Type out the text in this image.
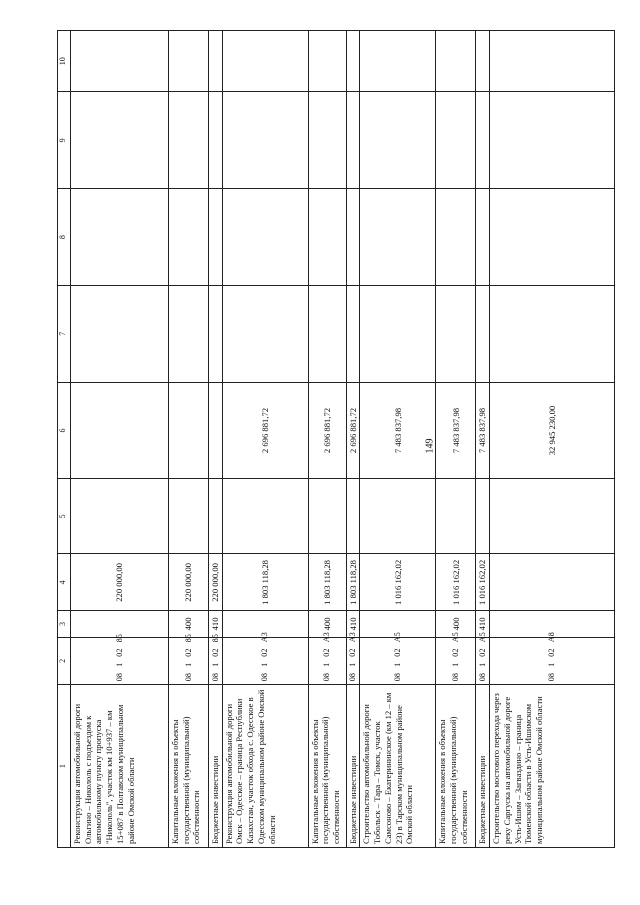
149
1	2	3	4	5	6	7	8	9	10
Реконструкция автомобильной дороги Ольгино – Никололь с подъездом к автомобильному пункту пропуска "Никололь", участок км 10+937 – км 15+087 в Полтавском муниципальном районе Омской области	0810285		220 000,00						
Капитальные вложения в объекты государственной (муниципальной) собственности	0810285	400	220 000,00						
Бюджетные инвестиции	0810285	410	220 000,00						
Реконструкция автомобильной дороги Омск – Одесское – граница Республики Казахстан, участок обхода с. Одесское в Одесском муниципальном районе Омской области	08102А3		1 803 118,28		2 696 881,72				
Капитальные вложения в объекты государственной (муниципальной) собственности	08102А3	400	1 803 118,28		2 696 881,72				
Бюджетные инвестиции	08102А3	410	1 803 118,28		2 696 881,72				
Строительство автомобильной дороги Тобольск – Тара – Томск, участок Самсоново – Екатерининское (км 12 – км 23) в Тарском муниципальном районе Омской области	08102А5		1 016 162,02		7 483 837,98				
Капитальные вложения в объекты государственной (муниципальной) собственности	08102А5	400	1 016 162,02		7 483 837,98				
Бюджетные инвестиции	08102А5	410	1 016 162,02		7 483 837,98				
Строительство мостового перехода через реку Саргуска на автомобильной дороге Усть-Ишим – Загваздино – граница Тюменской области в Усть-Ишимском муниципальном районе Омской области	08102А8				32 945 230,00				
